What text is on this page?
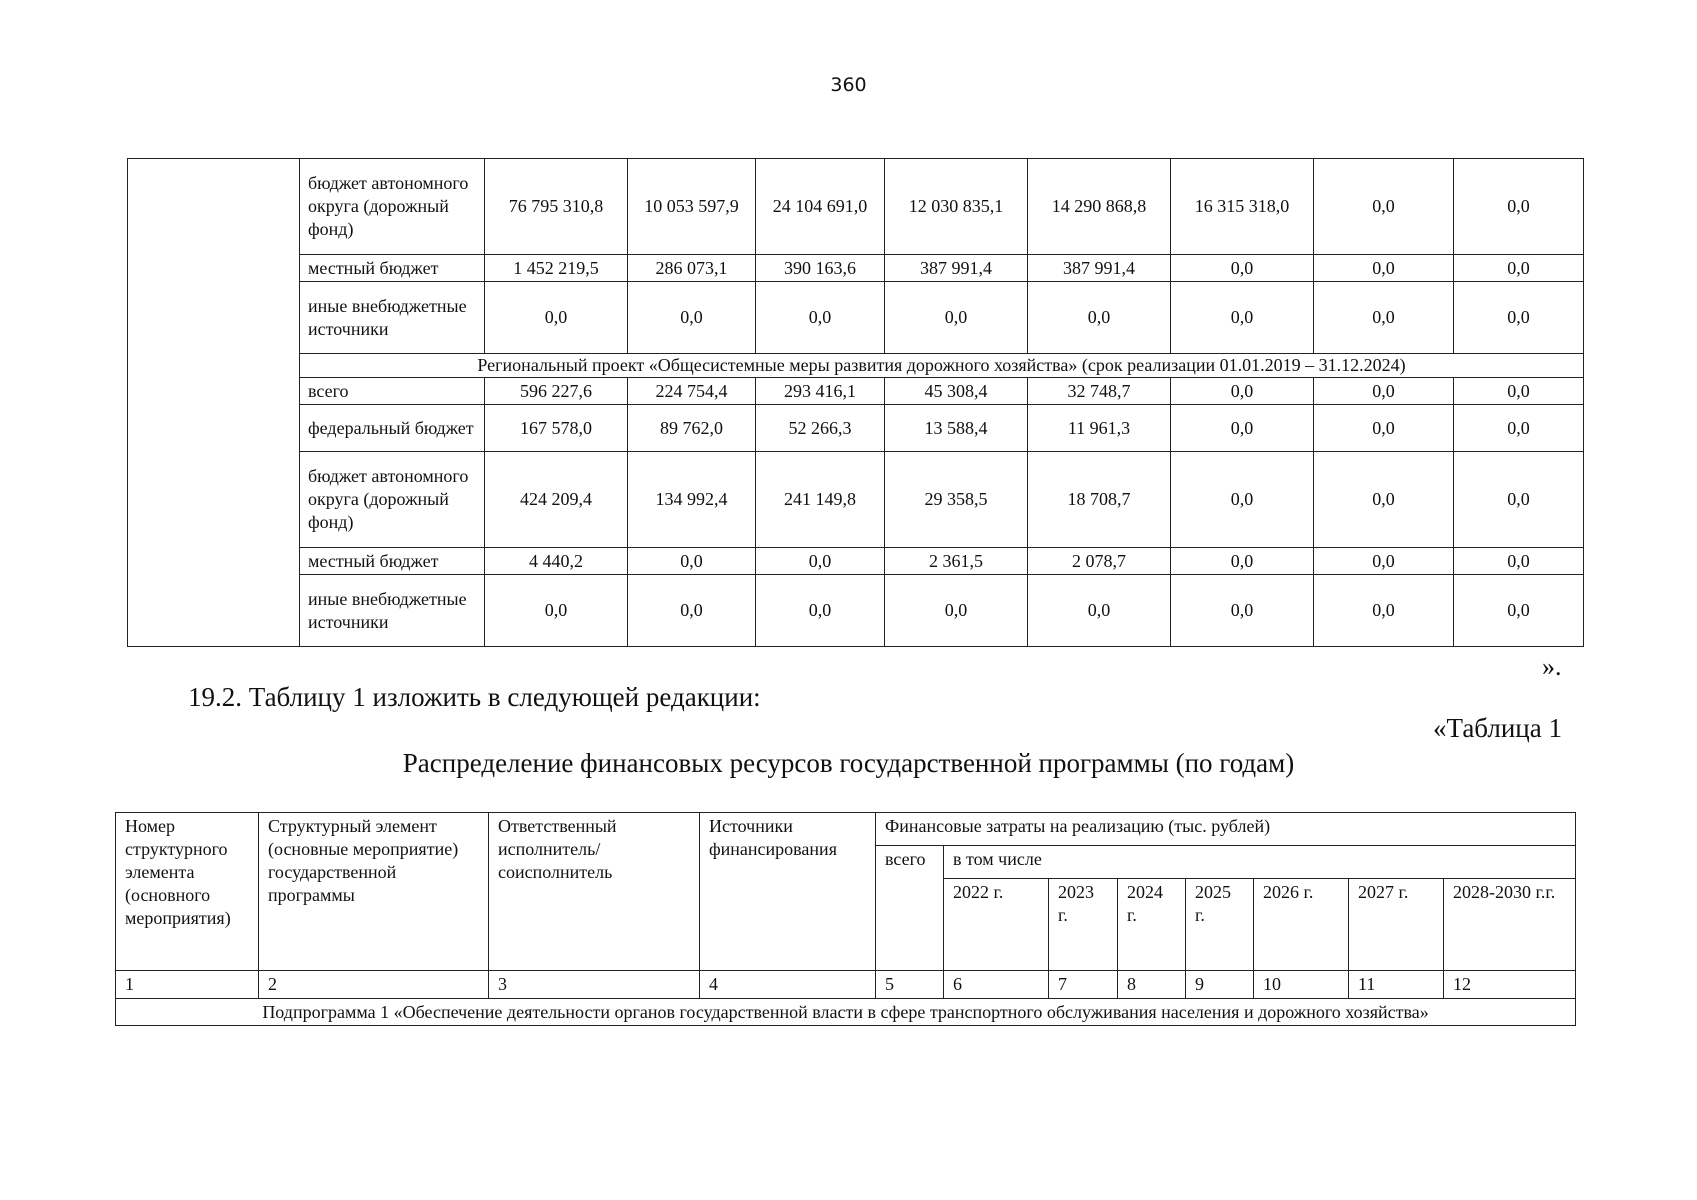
360
	бюджет автономного округа (дорожный фонд)	76 795 310,8	10 053 597,9	24 104 691,0	12 030 835,1	14 290 868,8	16 315 318,0	0,0	0,0
	местный бюджет	1 452 219,5	286 073,1	390 163,6	387 991,4	387 991,4	0,0	0,0	0,0
	иные внебюджетные источники	0,0	0,0	0,0	0,0	0,0	0,0	0,0	0,0
	Региональный проект «Общесистемные меры развития дорожного хозяйства» (срок реализации 01.01.2019 – 31.12.2024)								
	всего	596 227,6	224 754,4	293 416,1	45 308,4	32 748,7	0,0	0,0	0,0
	федеральный бюджет	167 578,0	89 762,0	52 266,3	13 588,4	11 961,3	0,0	0,0	0,0
	бюджет автономного округа (дорожный фонд)	424 209,4	134 992,4	241 149,8	29 358,5	18 708,7	0,0	0,0	0,0
	местный бюджет	4 440,2	0,0	0,0	2 361,5	2 078,7	0,0	0,0	0,0
	иные внебюджетные источники	0,0	0,0	0,0	0,0	0,0	0,0	0,0	0,0
».
19.2. Таблицу 1 изложить в следующей редакции:
«Таблица 1
Распределение финансовых ресурсов государственной программы (по годам)
Номер структурного элемента (основного мероприятия)	Структурный элемент (основные мероприятие) государственной программы	Ответственный исполнитель/ соисполнитель	Источники финансирования	Финансовые затраты на реализацию (тыс. рублей)							
				всего	в том числе						
					2022 г.	2023 г.	2024 г.	2025 г.	2026 г.	2027 г.	2028-2030 г.г.
1	2	3	4	5	6	7	8	9	10	11	12
Подпрограмма 1 «Обеспечение деятельности органов государственной власти в сфере транспортного обслуживания населения и дорожного хозяйства»											
